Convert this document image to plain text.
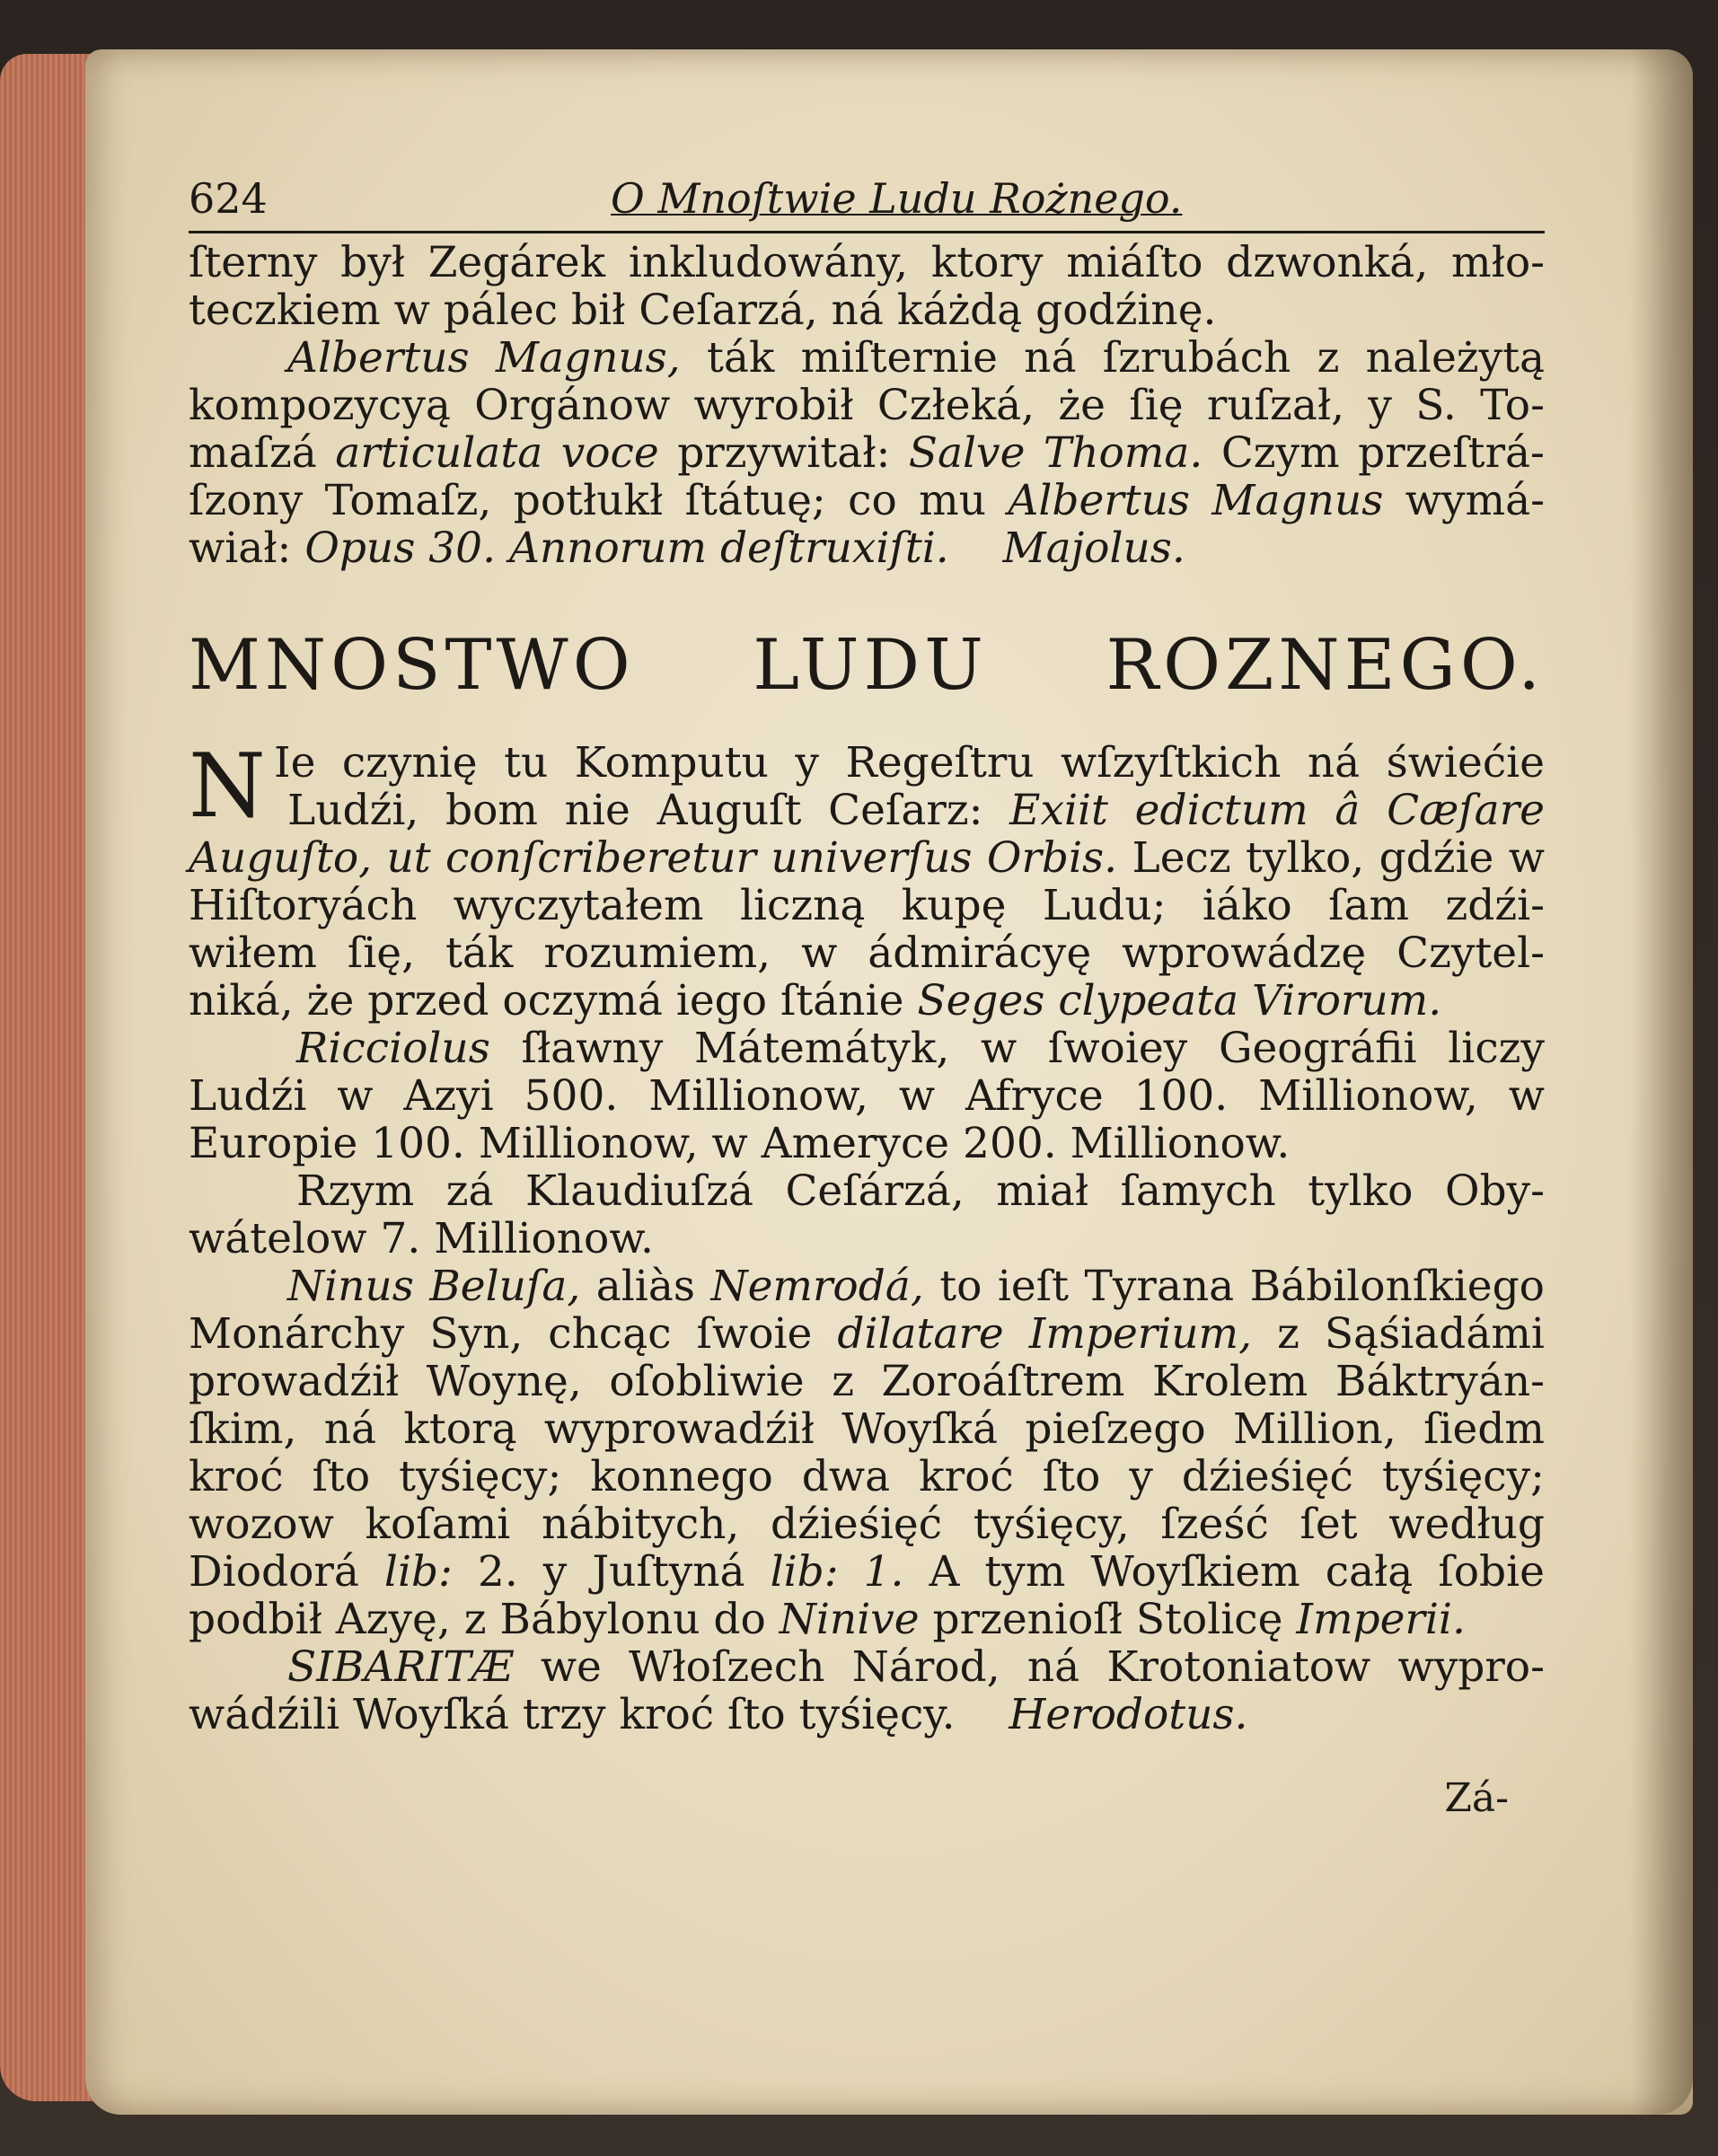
624	O Mnoſtwie Ludu Rożnego.
ſterny był Zegárek inkludowány, ktory miáſto dzwonká, mło-
teczkiem w pálec bił Ceſarzá, ná káżdą godźinę.
Albertus Magnus, ták miſternie ná ſzrubách z należytą
kompozycyą Orgánow wyrobił Człeká, że ſię ruſzał, y S. To-
maſzá articulata voce przywitał: Salve Thoma. Czym przeſtrá-
ſzony Tomaſz, potłukł ſtátuę; co mu Albertus Magnus wymá-
wiał: Opus 30. Annorum deſtruxiſti. Majolus.
MNOSTWO LUDU ROZNEGO.
N Ie czynię tu Komputu y Regeſtru wſzyſtkich ná świećie
Ludźi, bom nie Auguſt Ceſarz: Exiit edictum â Cæſare
Auguſto, ut conſcriberetur univerſus Orbis. Lecz tylko, gdźie w
Hiſtoryách wyczytałem liczną kupę Ludu; iáko ſam zdźi-
wiłem ſię, ták rozumiem, w ádmirácyę wprowádzę Czytel-
niká, że przed oczymá iego ſtánie Seges clypeata Virorum.
Ricciolus ſławny Mátemátyk, w ſwoiey Geográfii liczy
Ludźi w Azyi 500. Millionow, w Afryce 100. Millionow, w
Europie 100. Millionow, w Ameryce 200. Millionow.
Rzym zá Klaudiuſzá Ceſárzá, miał ſamych tylko Oby-
wátelow 7. Millionow.
Ninus Beluſa, aliàs Nemrodá, to ieſt Tyrana Bábilonſkiego
Monárchy Syn, chcąc ſwoie dilatare Imperium, z Sąśiadámi
prowadźił Woynę, oſobliwie z Zoroáſtrem Krolem Báktryán-
ſkim, ná ktorą wyprowadźił Woyſká pieſzego Million, ſiedm
kroć ſto tyśięcy; konnego dwa kroć ſto y dźieśięć tyśięcy;
wozow koſami nábitych, dźieśięć tyśięcy, ſześć ſet według
Diodorá lib: 2. y Juſtyná lib: 1. A tym Woyſkiem całą ſobie
podbił Azyę, z Bábylonu do Ninive przenioſł Stolicę Imperii.
SIBARITÆ we Włoſzech Národ, ná Krotoniatow wypro-
wádźili Woyſká trzy kroć ſto tyśięcy. Herodotus.
Zá-
